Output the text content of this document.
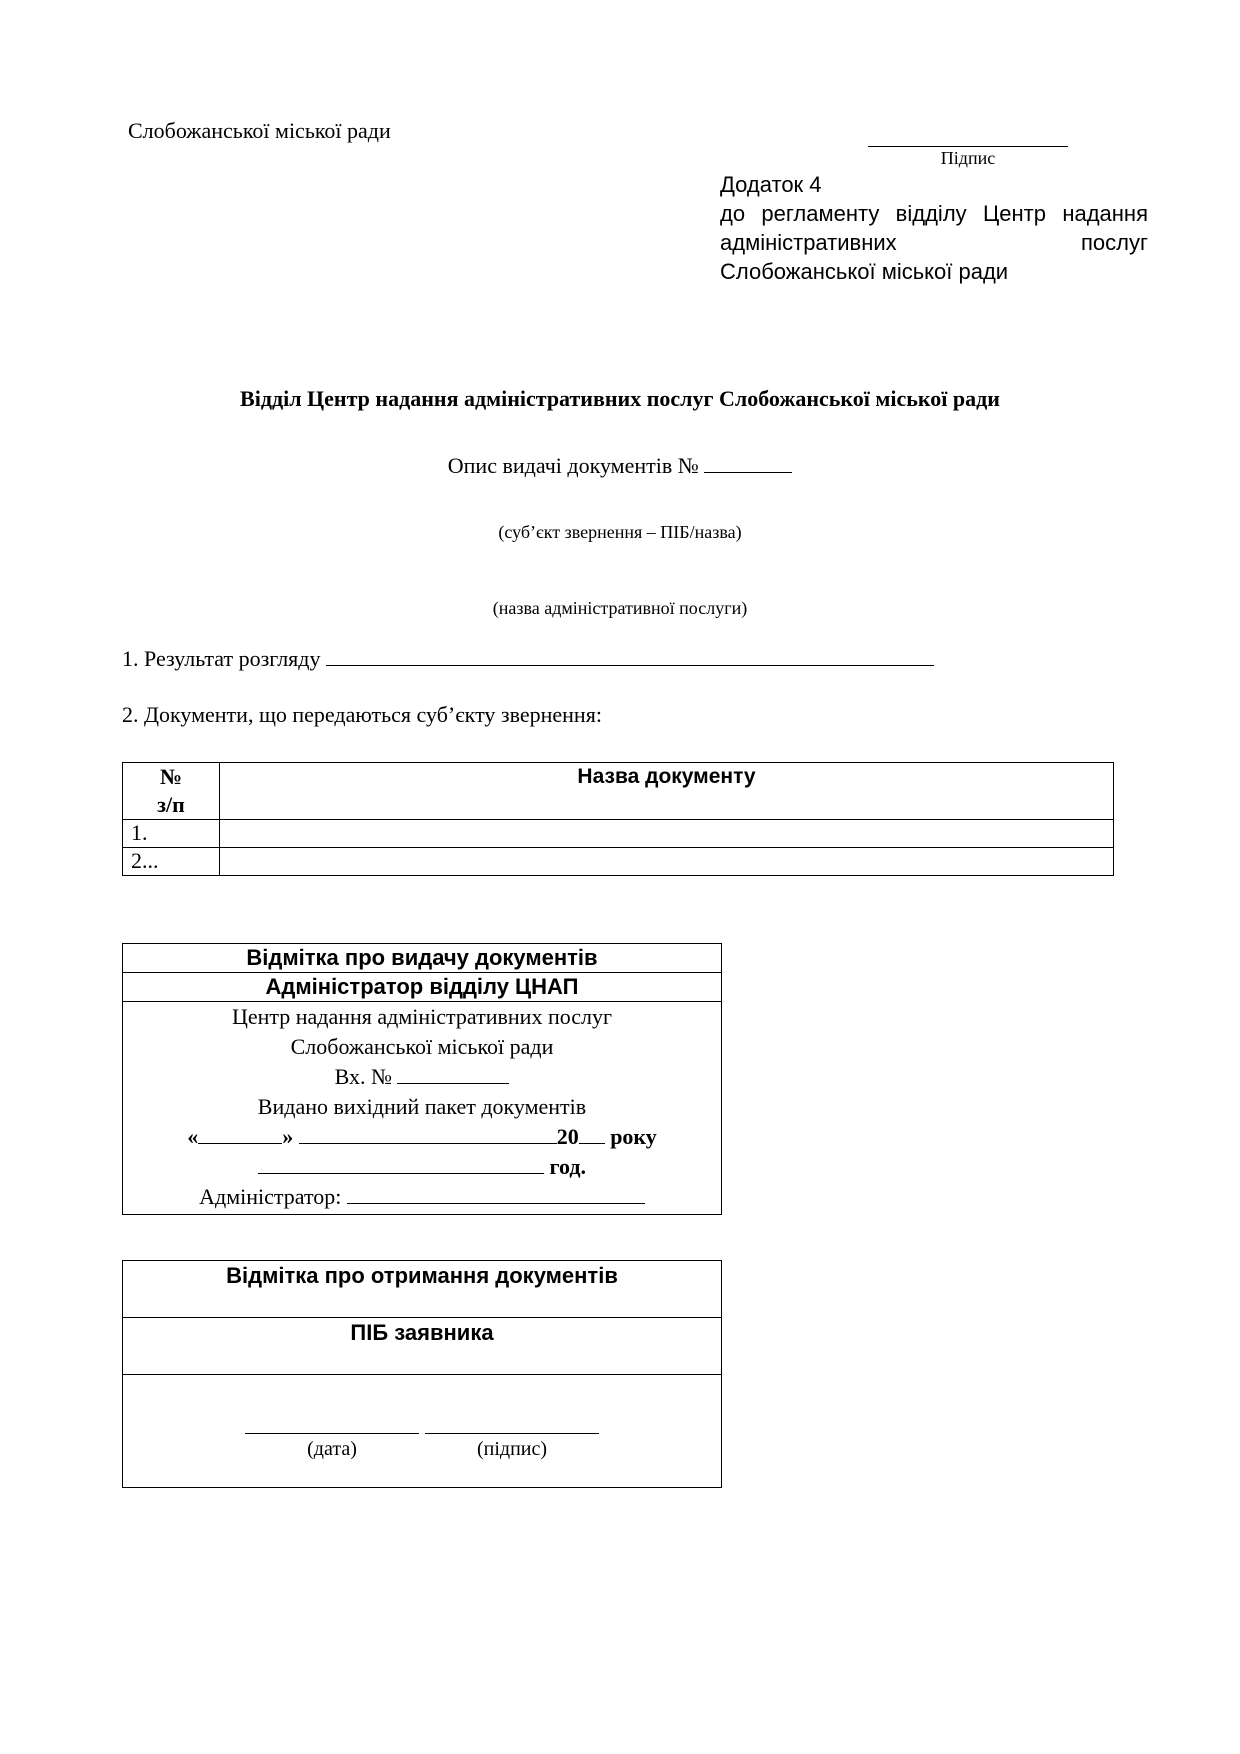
Слобожанської міської ради
Підпис
Додаток 4
до регламенту відділу Центр надання
адміністративних послуг
Слобожанської міської ради
Відділ Центр надання адміністративних послуг Слобожанської міської ради
Опис видачі документів №
(суб’єкт звернення – ПІБ/назва)
(назва адміністративної послуги)
1. Результат розгляду
2. Документи, що передаються суб’єкту звернення:
№
з/п	Назва документу
1.	
2...	
Відмітка про видачу документів
Адміністратор відділу ЦНАП

Центр надання адміністративних послуг
Слобожанської міської ради
Вх. №
Видано вихідний пакет документів
«	»	20 року
год.
Адміністратор:
Відмітка про отримання документів
ПІБ заявника

(дата)	(підпис)
